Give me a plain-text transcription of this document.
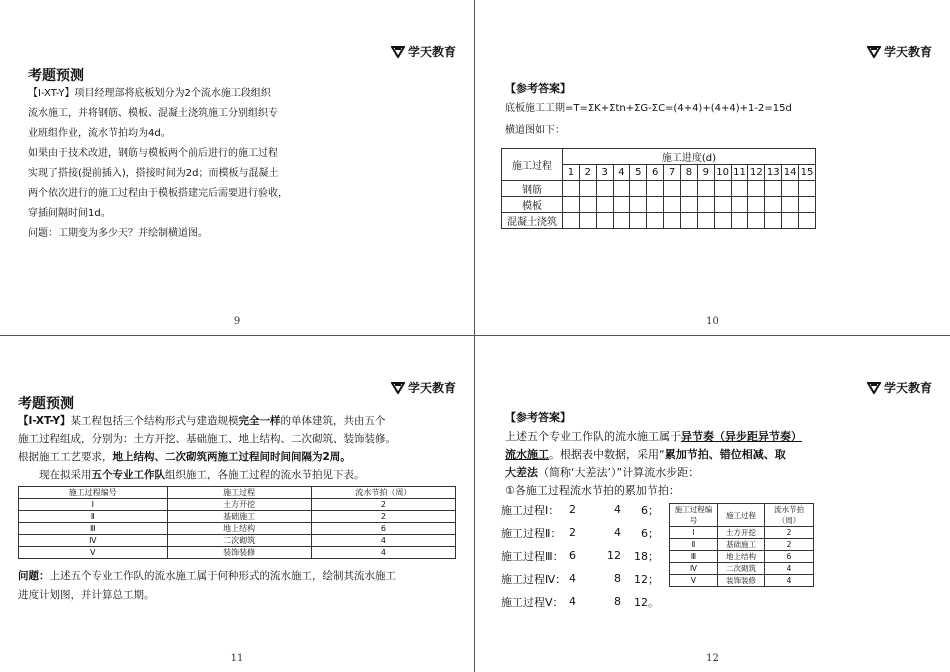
学天教育
考题预测
【Ⅰ-XT-Y】项目经理部将底板划分为2个流水施工段组织
流水施工，并将钢筋、模板、混凝土浇筑施工分别组织专
业班组作业，流水节拍均为4d。
如果由于技术改进，钢筋与模板两个前后进行的施工过程
实现了搭接(提前插入)，搭接时间为2d；而模板与混凝土
两个依次进行的施工过程由于模板搭建完后需要进行验收，
穿插间隔时间1d。
问题：工期变为多少天？并绘制横道图。
9
学天教育
【参考答案】
底板施工工期=T=ΣK+Σtn+ΣG-ΣC=(4+4)+(4+4)+1-2=15d
横道图如下：
施工过程	施工进度(d)														
	1	2	3	4	5	6	7	8	9	10	11	12	13	14	15
钢筋															
模板															
混凝土浇筑															
10
学天教育
考题预测
【Ⅰ-XT-Y】某工程包括三个结构形式与建造规模完全一样的单体建筑，共由五个
施工过程组成，分别为：土方开挖、基础施工、地上结构、二次砌筑、装饰装修。
根据施工工艺要求，地上结构、二次砌筑两施工过程间时间间隔为2周。
现在拟采用五个专业工作队组织施工，各施工过程的流水节拍见下表。
施工过程编号	施工过程	流水节拍（周）
Ⅰ	土方开挖	2
Ⅱ	基础施工	2
Ⅲ	地上结构	6
Ⅳ	二次砌筑	4
Ⅴ	装饰装修	4
问题：上述五个专业工作队的流水施工属于何种形式的流水施工，绘制其流水施工
进度计划图，并计算总工期。
11
学天教育
【参考答案】
上述五个专业工作队的流水施工属于异节奏（异步距异节奏）
流水施工。根据表中数据，采用“累加节拍、错位相减、取
大差法（简称‘大差法’）”计算流水步距：
①各施工过程流水节拍的累加节拍：
施工过程Ⅰ： 2	4	6；
施工过程Ⅱ： 2	4	6；
施工过程Ⅲ： 6	12	18；
施工过程Ⅳ： 4	8	12；
施工过程Ⅴ： 4	8	12。
施工过程编号	施工过程	流水节拍（周）
Ⅰ	土方开挖	2
Ⅱ	基础施工	2
Ⅲ	地上结构	6
Ⅳ	二次砌筑	4
Ⅴ	装饰装修	4
12
